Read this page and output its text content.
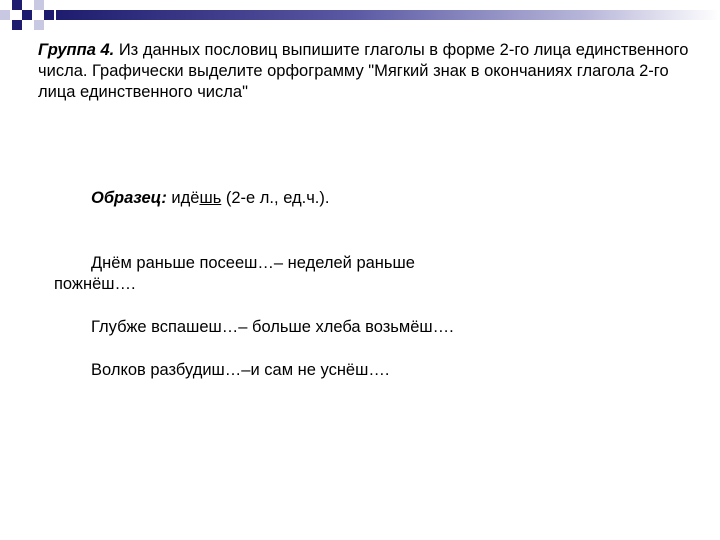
Группа 4. Из данных пословиц выпишите глаголы в форме 2-го лица единственного числа. Графически выделите орфограмму "Мягкий знак в окончаниях глагола 2-го лица единственного числа"
Образец: идёшь (2-е л., ед.ч.).
Днём раньше посееш…– неделей раньше пожнёш….
Глубже вспашеш…– больше хлеба возьмёш….
Волков разбудиш…–и сам не уснёш….
